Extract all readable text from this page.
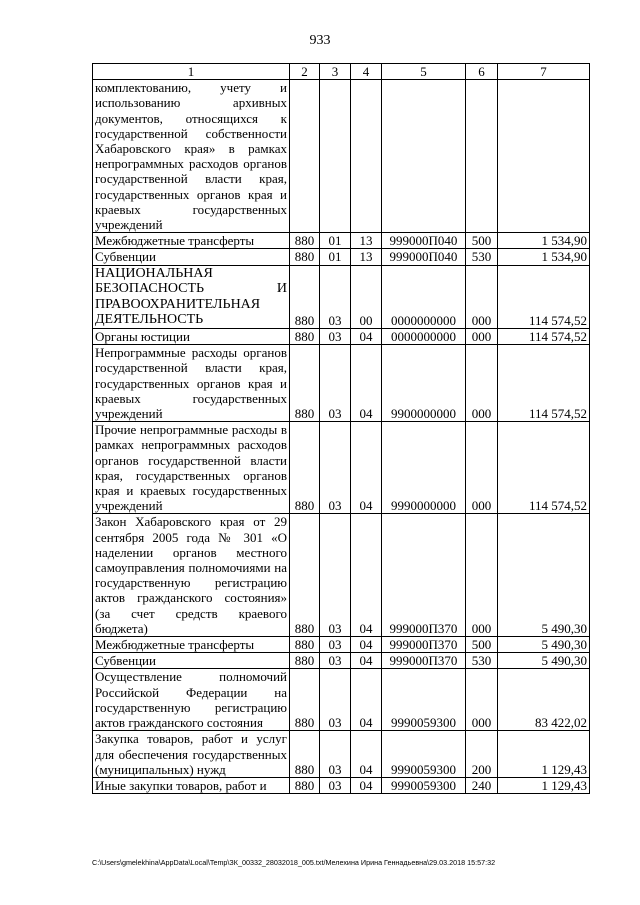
933
1	2	3	4	5	6	7
комплектованию, учету и использованию архивных документов, относящихся к государственной собственности Хабаровского края» в рамках непрограммных расходов органов государственной власти края, государственных органов края и краевых государственных учреждений						
Межбюджетные трансферты	880	01	13	999000П040	500	1 534,90
Субвенции	880	01	13	999000П040	530	1 534,90
НАЦИОНАЛЬНАЯ БЕЗОПАСНОСТЬ И ПРАВООХРАНИТЕЛЬНАЯ ДЕЯТЕЛЬНОСТЬ	880	03	00	0000000000	000	114 574,52
Органы юстиции	880	03	04	0000000000	000	114 574,52
Непрограммные расходы органов государственной власти края, государственных органов края и краевых государственных учреждений	880	03	04	9900000000	000	114 574,52
Прочие непрограммные расходы в рамках непрограммных расходов органов государственной власти края, государственных органов края и краевых государственных учреждений	880	03	04	9990000000	000	114 574,52
Закон Хабаровского края от 29 сентября 2005 года № 301 «О наделении органов местного самоуправления полномочиями на государственную регистрацию актов гражданского состояния» (за счет средств краевого бюджета)	880	03	04	999000П370	000	5 490,30
Межбюджетные трансферты	880	03	04	999000П370	500	5 490,30
Субвенции	880	03	04	999000П370	530	5 490,30
Осуществление полномочий Российской Федерации на государственную регистрацию актов гражданского состояния	880	03	04	9990059300	000	83 422,02
Закупка товаров, работ и услуг для обеспечения государственных (муниципальных) нужд	880	03	04	9990059300	200	1 129,43
Иные закупки товаров, работ и	880	03	04	9990059300	240	1 129,43
C:\Users\gmelekhina\AppData\Local\Temp\ЗК_00332_28032018_005.txt/Мелехина Ирина Геннадьевна\29.03.2018 15:57:32
